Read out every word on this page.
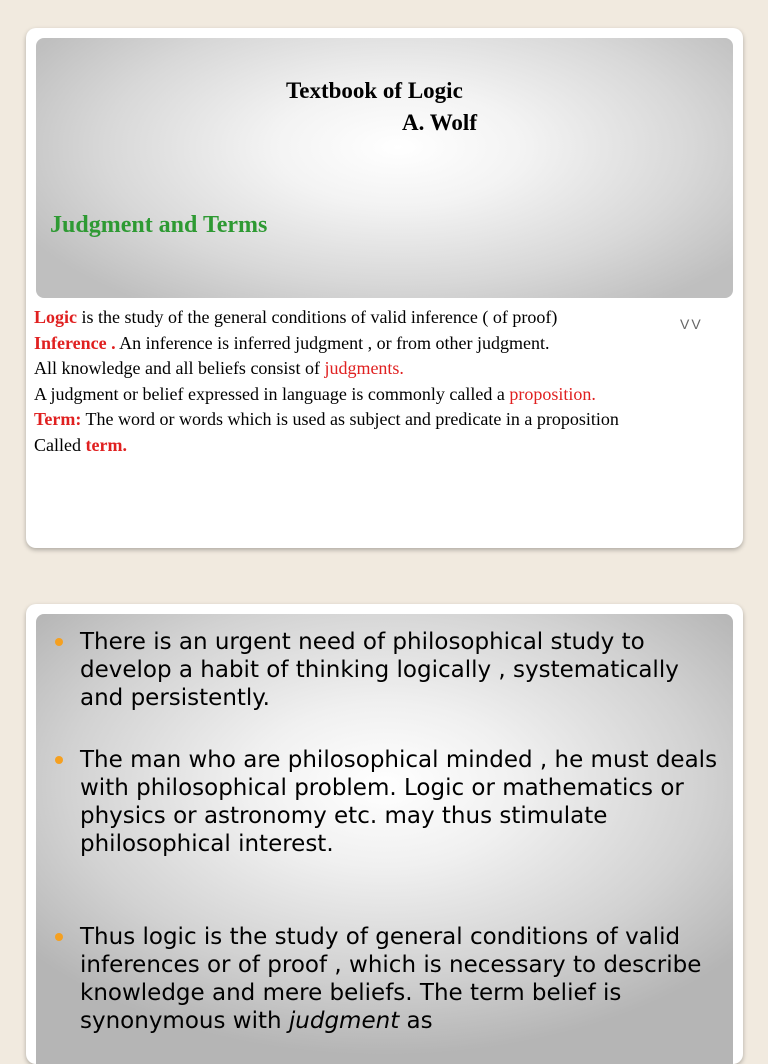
Textbook of Logic
A. Wolf
Judgment and Terms
Logic is the study of the general conditions of valid inference ( of proof)
Inference . An inference is inferred judgment , or from other judgment.
All knowledge and all beliefs consist of judgments.
A judgment or belief expressed in language is commonly called a proposition.
Term: The word or words which is used as subject and predicate in a proposition
Called term.
VV
There is an urgent need of philosophical study to develop a habit of thinking logically , systematically and persistently.
The man who are philosophical minded , he must deals with philosophical problem. Logic or mathematics or physics or astronomy etc. may thus stimulate philosophical interest.
Thus logic is the study of general conditions of valid inferences or of proof , which is necessary to describe knowledge and mere beliefs. The term belief is synonymous with judgment as
